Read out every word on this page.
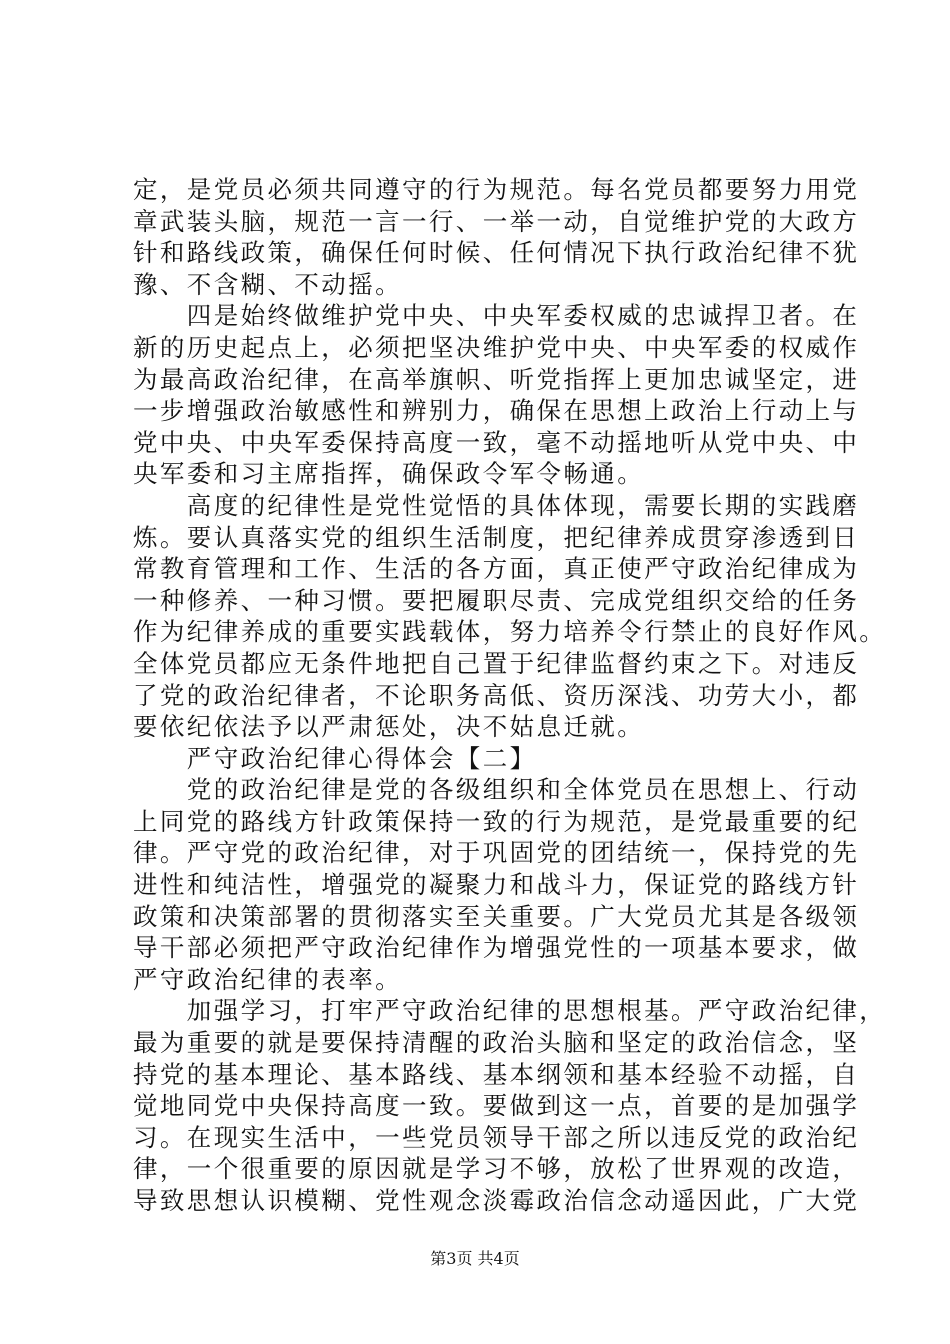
定，是党员必须共同遵守的行为规范。每名党员都要努力用党
章武装头脑，规范一言一行、一举一动，自觉维护党的大政方
针和路线政策，确保任何时候、任何情况下执行政治纪律不犹
豫、不含糊、不动摇。
　　四是始终做维护党中央、中央军委权威的忠诚捍卫者。在
新的历史起点上，必须把坚决维护党中央、中央军委的权威作
为最高政治纪律，在高举旗帜、听党指挥上更加忠诚坚定，进
一步增强政治敏感性和辨别力，确保在思想上政治上行动上与
党中央、中央军委保持高度一致，毫不动摇地听从党中央、中
央军委和习主席指挥，确保政令军令畅通。
　　高度的纪律性是党性觉悟的具体体现，需要长期的实践磨
炼。要认真落实党的组织生活制度，把纪律养成贯穿渗透到日
常教育管理和工作、生活的各方面，真正使严守政治纪律成为
一种修养、一种习惯。要把履职尽责、完成党组织交给的任务
作为纪律养成的重要实践载体，努力培养令行禁止的良好作风。
全体党员都应无条件地把自己置于纪律监督约束之下。对违反
了党的政治纪律者，不论职务高低、资历深浅、功劳大小，都
要依纪依法予以严肃惩处，决不姑息迁就。
　　严守政治纪律心得体会【二】
　　党的政治纪律是党的各级组织和全体党员在思想上、行动
上同党的路线方针政策保持一致的行为规范，是党最重要的纪
律。严守党的政治纪律，对于巩固党的团结统一，保持党的先
进性和纯洁性，增强党的凝聚力和战斗力，保证党的路线方针
政策和决策部署的贯彻落实至关重要。广大党员尤其是各级领
导干部必须把严守政治纪律作为增强党性的一项基本要求，做
严守政治纪律的表率。
　　加强学习，打牢严守政治纪律的思想根基。严守政治纪律，
最为重要的就是要保持清醒的政治头脑和坚定的政治信念，坚
持党的基本理论、基本路线、基本纲领和基本经验不动摇，自
觉地同党中央保持高度一致。要做到这一点，首要的是加强学
习。在现实生活中，一些党员领导干部之所以违反党的政治纪
律，一个很重要的原因就是学习不够，放松了世界观的改造，
导致思想认识模糊、党性观念淡霉政治信念动遥因此，广大党
第3页 共4页
